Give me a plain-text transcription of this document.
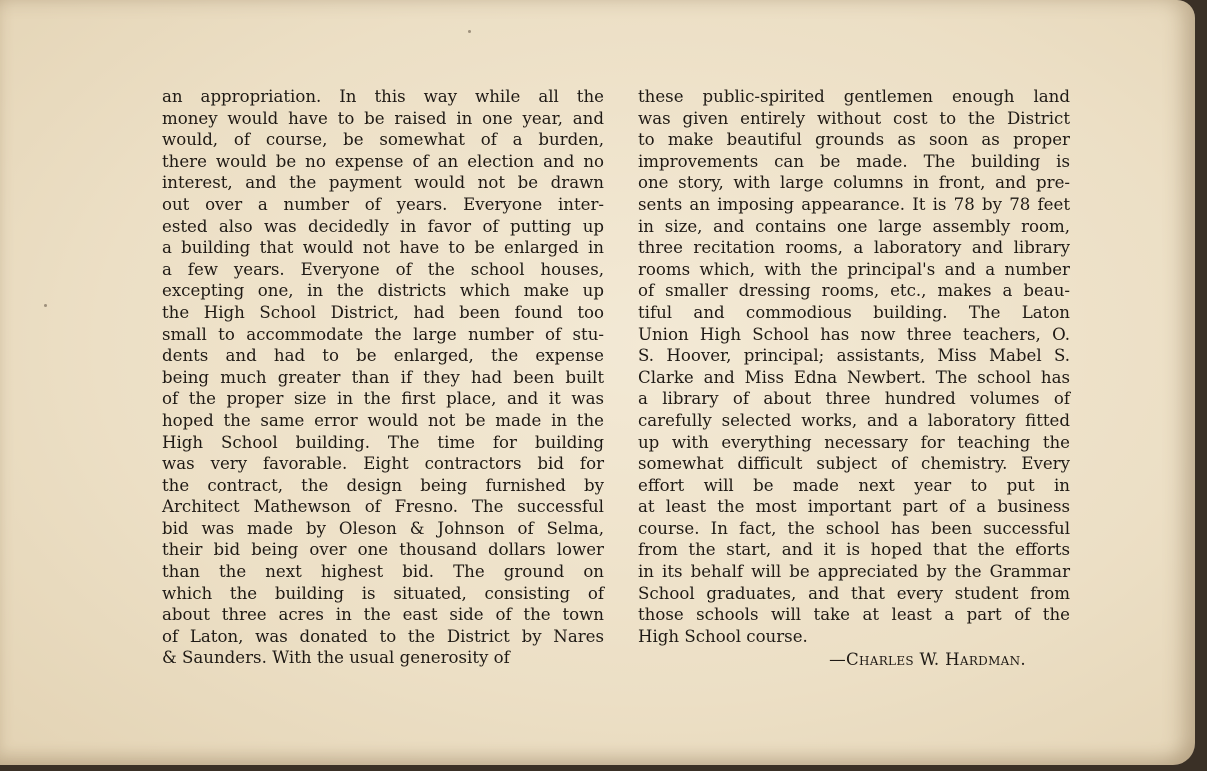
an appropriation. In this way while all the
money would have to be raised in one year, and
would, of course, be somewhat of a burden,
there would be no expense of an election and no
interest, and the payment would not be drawn
out over a number of years. Everyone inter-
ested also was decidedly in favor of putting up
a building that would not have to be enlarged in
a few years. Everyone of the school houses,
excepting one, in the districts which make up
the High School District, had been found too
small to accommodate the large number of stu-
dents and had to be enlarged, the expense
being much greater than if they had been built
of the proper size in the first place, and it was
hoped the same error would not be made in the
High School building. The time for building
was very favorable. Eight contractors bid for
the contract, the design being furnished by
Architect Mathewson of Fresno. The successful
bid was made by Oleson & Johnson of Selma,
their bid being over one thousand dollars lower
than the next highest bid. The ground on
which the building is situated, consisting of
about three acres in the east side of the town
of Laton, was donated to the District by Nares
& Saunders. With the usual generosity of
these public-spirited gentlemen enough land
was given entirely without cost to the District
to make beautiful grounds as soon as proper
improvements can be made. The building is
one story, with large columns in front, and pre-
sents an imposing appearance. It is 78 by 78 feet
in size, and contains one large assembly room,
three recitation rooms, a laboratory and library
rooms which, with the principal's and a number
of smaller dressing rooms, etc., makes a beau-
tiful and commodious building. The Laton
Union High School has now three teachers, O.
S. Hoover, principal; assistants, Miss Mabel S.
Clarke and Miss Edna Newbert. The school has
a library of about three hundred volumes of
carefully selected works, and a laboratory fitted
up with everything necessary for teaching the
somewhat difficult subject of chemistry. Every
effort will be made next year to put in
at least the most important part of a business
course. In fact, the school has been successful
from the start, and it is hoped that the efforts
in its behalf will be appreciated by the Grammar
School graduates, and that every student from
those schools will take at least a part of the
High School course.
—Charles W. Hardman.
